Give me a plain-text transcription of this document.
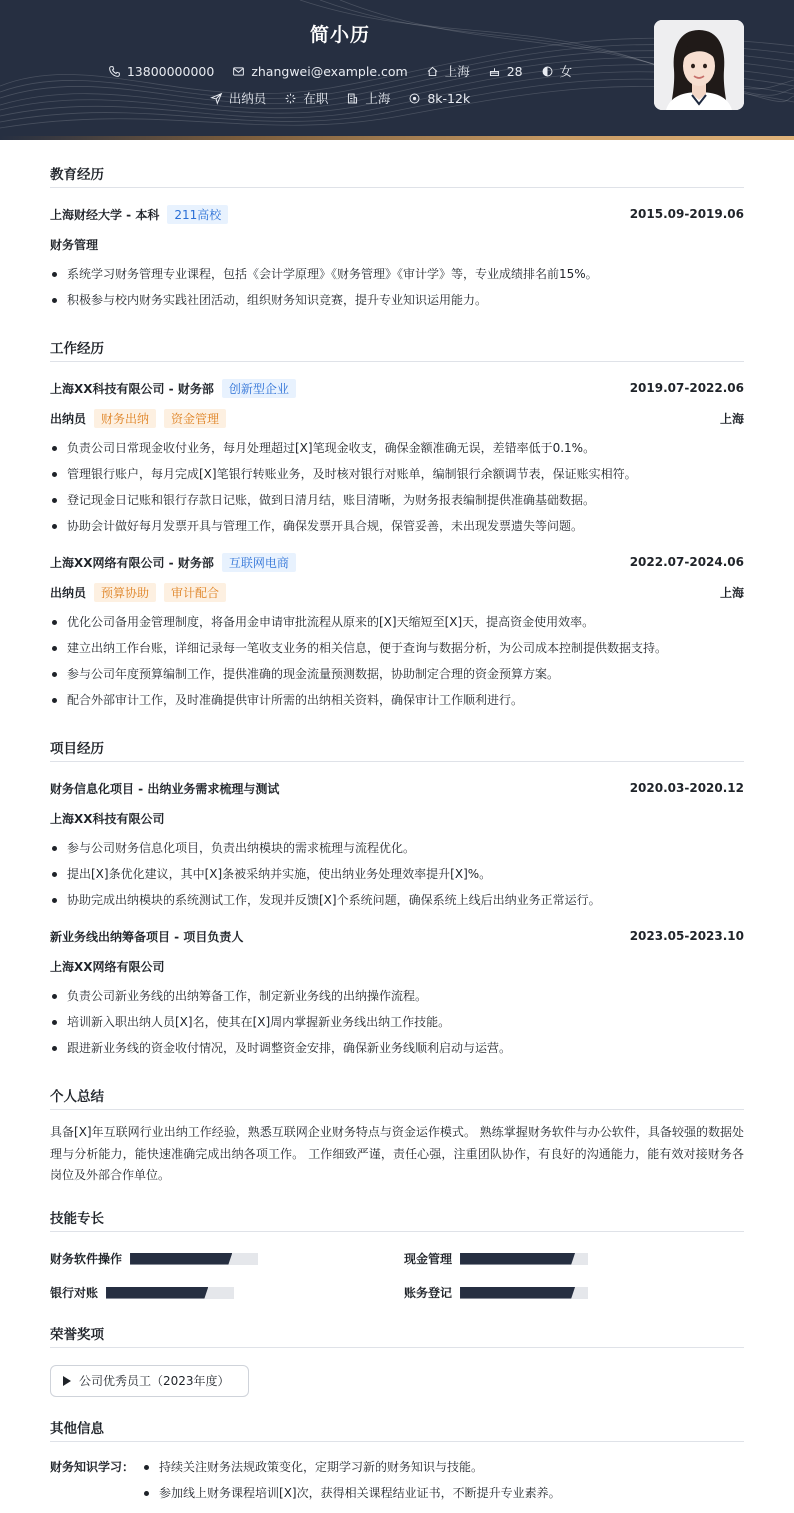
简小历
13800000000	zhangwei@example.com	上海	28	女
出纳员	在职	上海	8k-12k
教育经历
上海财经大学 - 本科	211高校	2015.09-2019.06
财务管理
系统学习财务管理专业课程，包括《会计学原理》《财务管理》《审计学》等，专业成绩排名前15%。
积极参与校内财务实践社团活动，组织财务知识竞赛，提升专业知识运用能力。
工作经历
上海XX科技有限公司 - 财务部	创新型企业	2019.07-2022.06
出纳员	财务出纳	资金管理	上海
负责公司日常现金收付业务，每月处理超过[X]笔现金收支，确保金额准确无误，差错率低于0.1%。
管理银行账户，每月完成[X]笔银行转账业务，及时核对银行对账单，编制银行余额调节表，保证账实相符。
登记现金日记账和银行存款日记账，做到日清月结，账目清晰，为财务报表编制提供准确基础数据。
协助会计做好每月发票开具与管理工作，确保发票开具合规，保管妥善，未出现发票遗失等问题。
上海XX网络有限公司 - 财务部	互联网电商	2022.07-2024.06
出纳员	预算协助	审计配合	上海
优化公司备用金管理制度，将备用金申请审批流程从原来的[X]天缩短至[X]天，提高资金使用效率。
建立出纳工作台账，详细记录每一笔收支业务的相关信息，便于查询与数据分析，为公司成本控制提供数据支持。
参与公司年度预算编制工作，提供准确的现金流量预测数据，协助制定合理的资金预算方案。
配合外部审计工作，及时准确提供审计所需的出纳相关资料，确保审计工作顺利进行。
项目经历
财务信息化项目 - 出纳业务需求梳理与测试	2020.03-2020.12
上海XX科技有限公司
参与公司财务信息化项目，负责出纳模块的需求梳理与流程优化。
提出[X]条优化建议，其中[X]条被采纳并实施，使出纳业务处理效率提升[X]%。
协助完成出纳模块的系统测试工作，发现并反馈[X]个系统问题，确保系统上线后出纳业务正常运行。
新业务线出纳筹备项目 - 项目负责人	2023.05-2023.10
上海XX网络有限公司
负责公司新业务线的出纳筹备工作，制定新业务线的出纳操作流程。
培训新入职出纳人员[X]名，使其在[X]周内掌握新业务线出纳工作技能。
跟进新业务线的资金收付情况，及时调整资金安排，确保新业务线顺利启动与运营。
个人总结
具备[X]年互联网行业出纳工作经验，熟悉互联网企业财务特点与资金运作模式。 熟练掌握财务软件与办公软件，具备较强的数据处理与分析能力，能快速准确完成出纳各项工作。 工作细致严谨，责任心强，注重团队协作，有良好的沟通能力，能有效对接财务各岗位及外部合作单位。
技能专长
财务软件操作	现金管理
银行对账	账务登记
荣誉奖项
公司优秀员工（2023年度）
其他信息
财务知识学习：	持续关注财务法规政策变化，定期学习新的财务知识与技能。
参加线上财务课程培训[X]次，获得相关课程结业证书，不断提升专业素养。
